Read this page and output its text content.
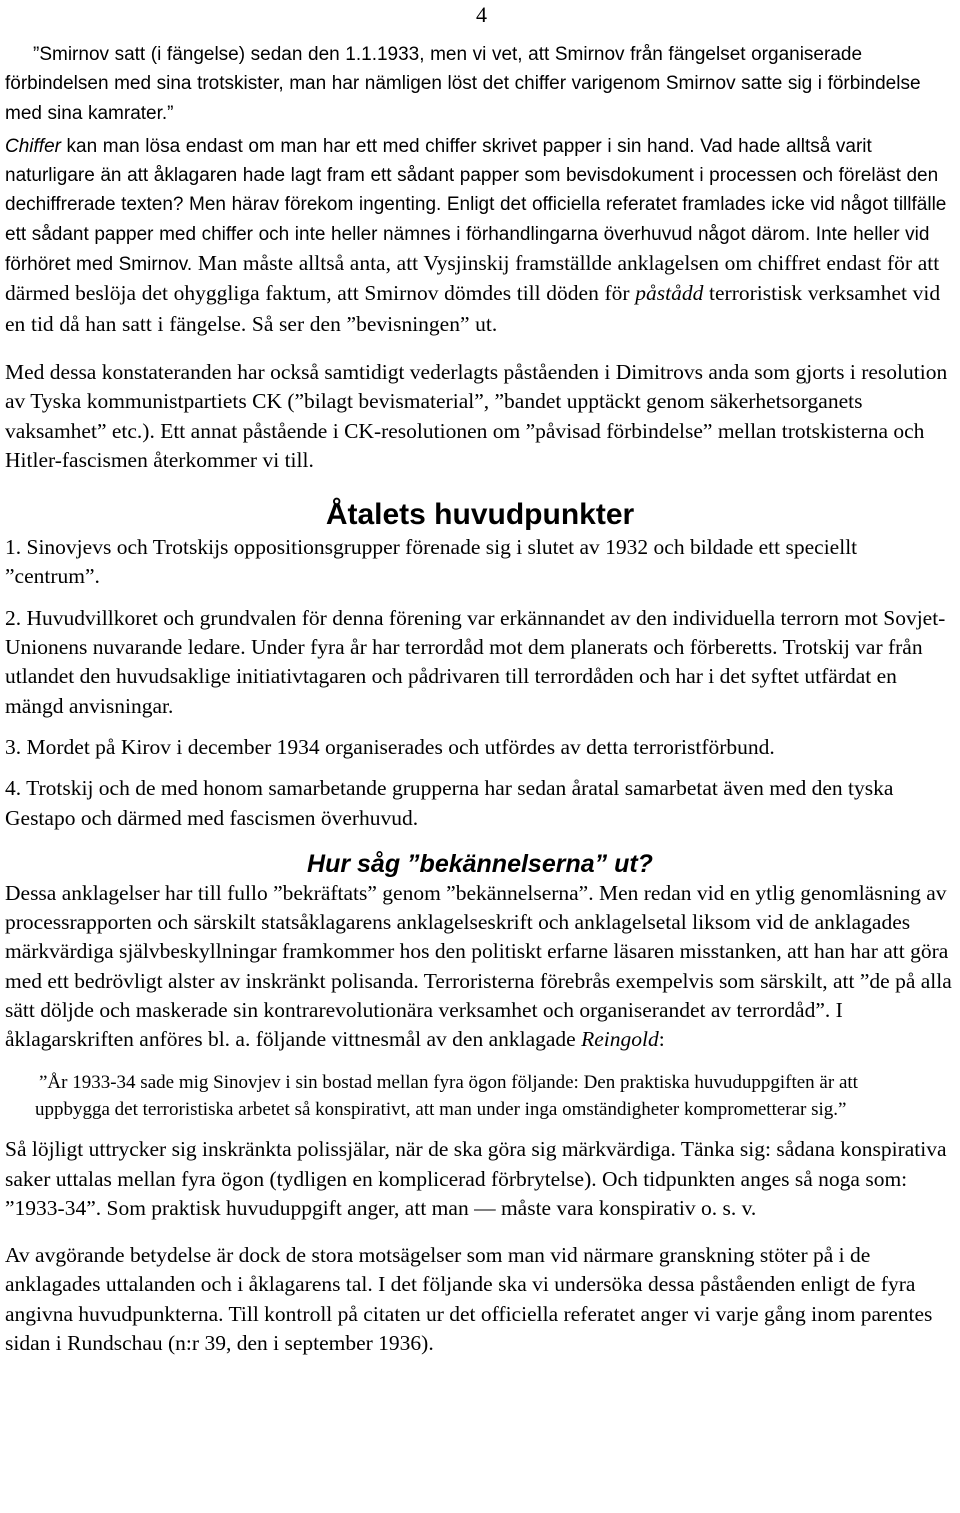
4

”Smirnov satt (i fängelse) sedan den 1.1.1933, men vi vet, att Smirnov från fängelset organiserade förbindelsen med sina trotskister, man har nämligen löst det chiffer varigenom Smirnov satte sig i förbindelse med sina kamrater.”

Chiffer kan man lösa endast om man har ett med chiffer skrivet papper i sin hand. Vad hade alltså varit naturligare än att åklagaren hade lagt fram ett sådant papper som bevisdokument i processen och föreläst den dechiffrerade texten? Men härav förekom ingenting. Enligt det officiella referatet framlades icke vid något tillfälle ett sådant papper med chiffer och inte heller nämnes i förhandlingarna överhuvud något därom. Inte heller vid förhöret med Smirnov. Man måste alltså anta, att Vysjinskij framställde anklagelsen om chiffret endast för att därmed beslöja det ohyggliga faktum, att Smirnov dömdes till döden för påstådd terroristisk verksamhet vid en tid då han satt i fängelse. Så ser den ”bevisningen” ut.

Med dessa konstateranden har också samtidigt vederlagts påståenden i Dimitrovs anda som gjorts i resolution av Tyska kommunistpartiets CK (”bilagt bevismaterial”, ”bandet upptäckt genom säkerhetsorganets vaksamhet” etc.). Ett annat påstående i CK-resolutionen om ”påvisad förbindelse” mellan trotskisterna och Hitler-fascismen återkommer vi till.

Åtalets huvudpunkter

1. Sinovjevs och Trotskijs oppositionsgrupper förenade sig i slutet av 1932 och bildade ett speciellt ”centrum”.

2. Huvudvillkoret och grundvalen för denna förening var erkännandet av den individuella terrorn mot Sovjet-Unionens nuvarande ledare. Under fyra år har terrordåd mot dem planerats och förberetts. Trotskij var från utlandet den huvudsaklige initiativtagaren och pådrivaren till terrordåden och har i det syftet utfärdat en mängd anvisningar.

3. Mordet på Kirov i december 1934 organiserades och utfördes av detta terroristförbund.

4. Trotskij och de med honom samarbetande grupperna har sedan åratal samarbetat även med den tyska Gestapo och därmed med fascismen överhuvud.

Hur såg ”bekännelserna” ut?

Dessa anklagelser har till fullo ”bekräftats” genom ”bekännelserna”. Men redan vid en ytlig genomläsning av processrapporten och särskilt statsåklagarens anklagelseskrift och anklagelsetal liksom vid de anklagades märkvärdiga självbeskyllningar framkommer hos den politiskt erfarne läsaren misstanken, att han har att göra med ett bedrövligt alster av inskränkt polisanda. Terroristerna förebrås exempelvis som särskilt, att ”de på alla sätt döljde och maskerade sin kontrarevolutionära verksamhet och organiserandet av terrordåd”. I åklagarskriften anföres bl. a. följande vittnesmål av den anklagade Reingold:

”År 1933-34 sade mig Sinovjev i sin bostad mellan fyra ögon följande: Den praktiska huvuduppgiften är att uppbygga det terroristiska arbetet så konspirativt, att man under inga omständigheter komprometterar sig.”

Så löjligt uttrycker sig inskränkta polissjälar, när de ska göra sig märkvärdiga. Tänka sig: sådana konspirativa saker uttalas mellan fyra ögon (tydligen en komplicerad förbrytelse). Och tidpunkten anges så noga som: ”1933-34”. Som praktisk huvuduppgift anger, att man — måste vara konspirativ o. s. v.

Av avgörande betydelse är dock de stora motsägelser som man vid närmare granskning stöter på i de anklagades uttalanden och i åklagarens tal. I det följande ska vi undersöka dessa påståenden enligt de fyra angivna huvudpunkterna. Till kontroll på citaten ur det officiella referatet anger vi varje gång inom parentes sidan i Rundschau (n:r 39, den i september 1936).
